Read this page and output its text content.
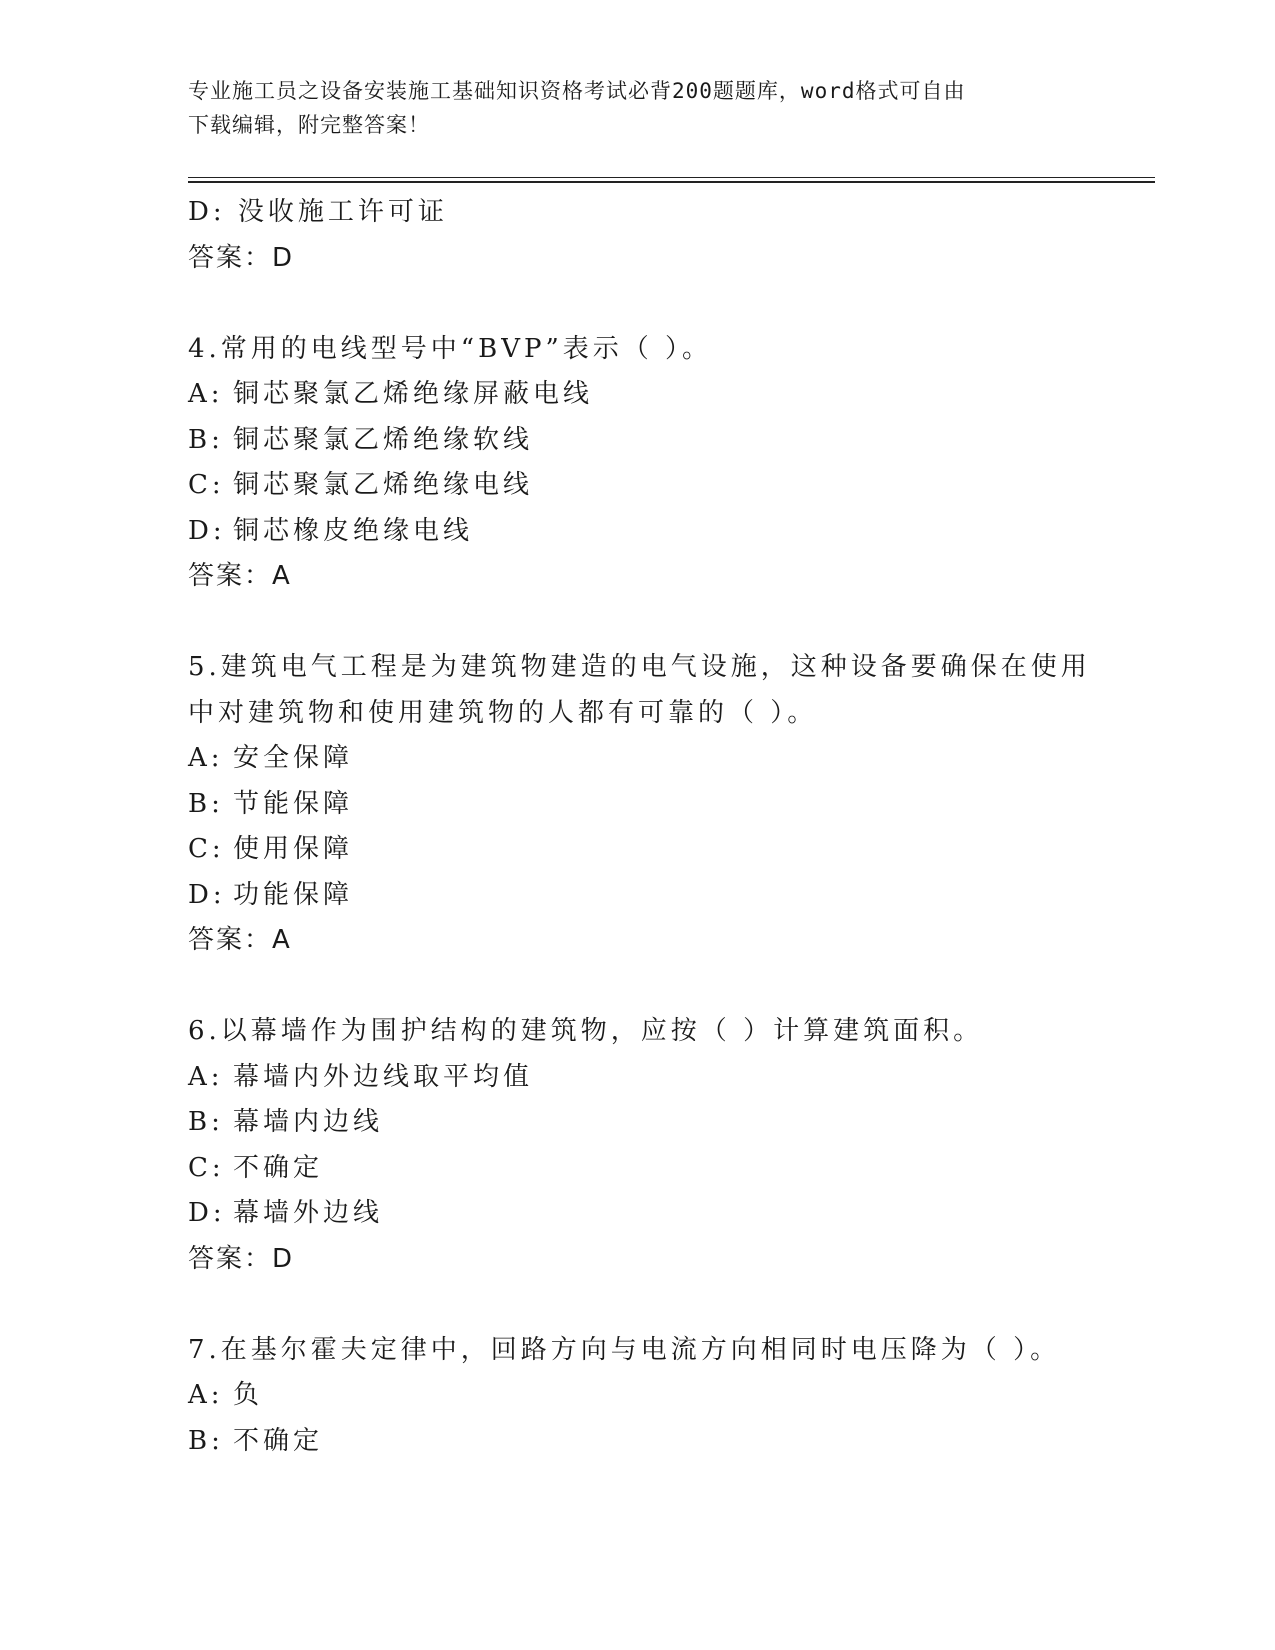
专业施工员之设备安装施工基础知识资格考试必背200题题库，word格式可自由
下载编辑，附完整答案！
D: 没收施工许可证
答案：D
4.常用的电线型号中“BVP”表示（ ）。
A: 铜芯聚氯乙烯绝缘屏蔽电线
B: 铜芯聚氯乙烯绝缘软线
C: 铜芯聚氯乙烯绝缘电线
D: 铜芯橡皮绝缘电线
答案：A
5.建筑电气工程是为建筑物建造的电气设施，这种设备要确保在使用
中对建筑物和使用建筑物的人都有可靠的（ ）。
A: 安全保障
B: 节能保障
C: 使用保障
D: 功能保障
答案：A
6.以幕墙作为围护结构的建筑物，应按（ ）计算建筑面积。
A: 幕墙内外边线取平均值
B: 幕墙内边线
C: 不确定
D: 幕墙外边线
答案：D
7.在基尔霍夫定律中，回路方向与电流方向相同时电压降为（ ）。
A: 负
B: 不确定
